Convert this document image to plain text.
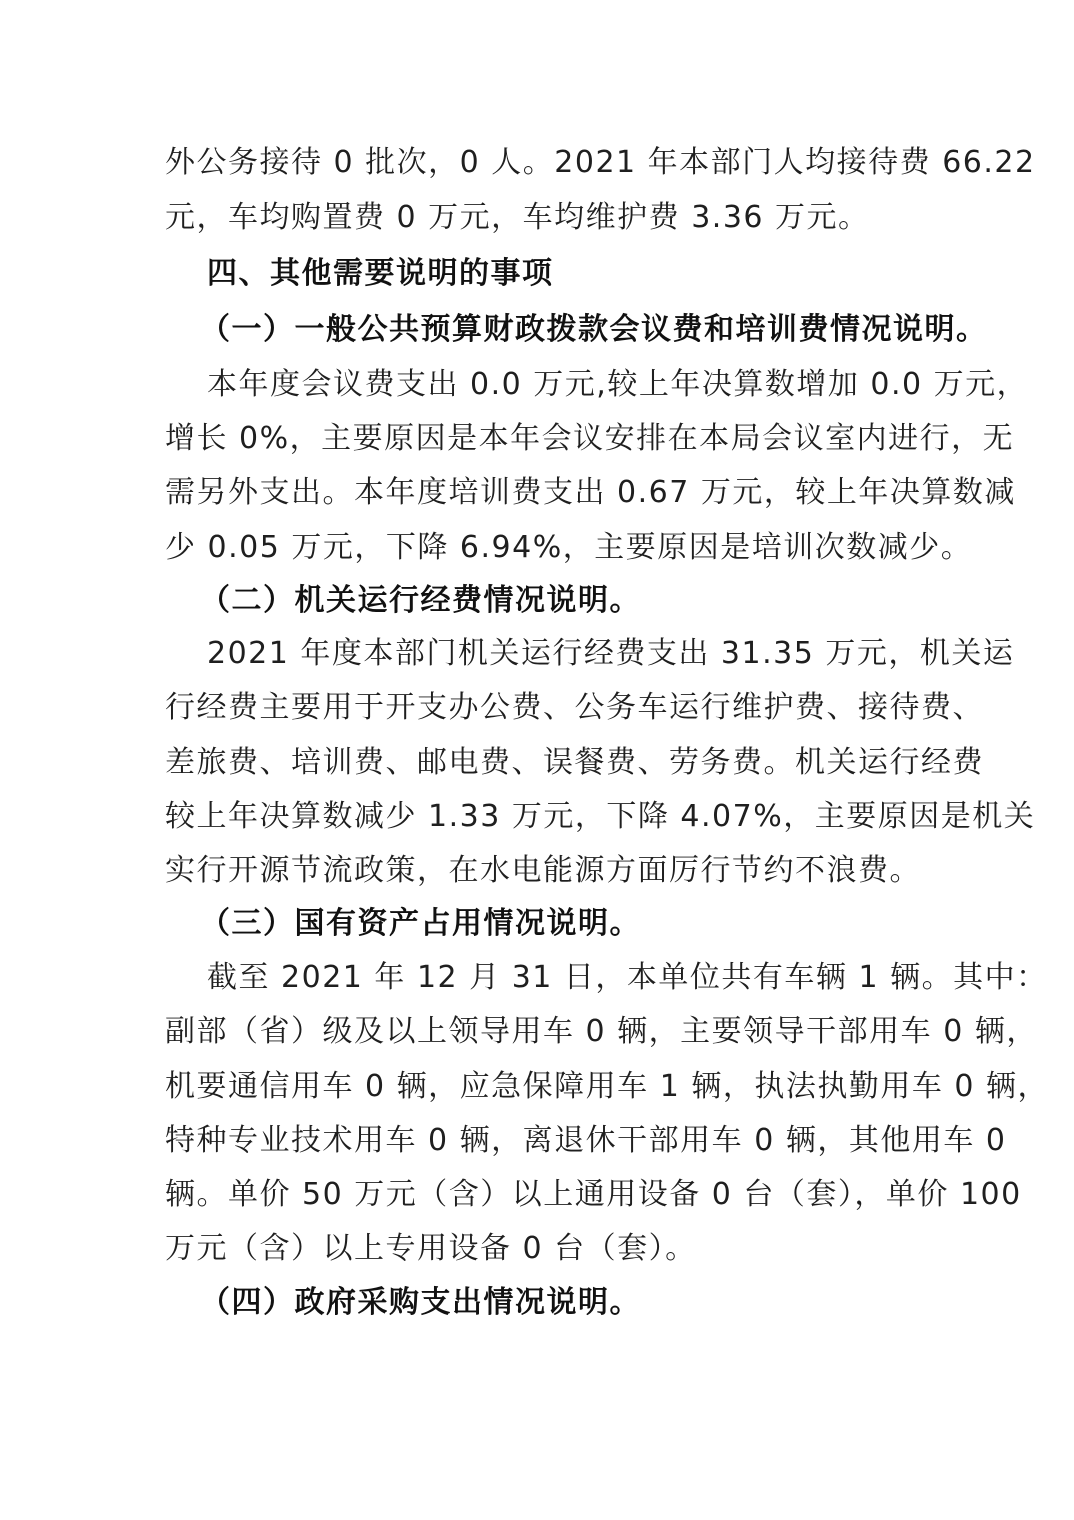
外公务接待 0 批次，0 人。2021 年本部门人均接待费 66.22
元，车均购置费 0 万元，车均维护费 3.36 万元。
四、其他需要说明的事项
（一）一般公共预算财政拨款会议费和培训费情况说明。
本年度会议费支出 0.0 万元,较上年决算数增加 0.0 万元，
增长 0%，主要原因是本年会议安排在本局会议室内进行，无
需另外支出。本年度培训费支出 0.67 万元，较上年决算数减
少 0.05 万元，下降 6.94%，主要原因是培训次数减少。
（二）机关运行经费情况说明。
2021 年度本部门机关运行经费支出 31.35 万元，机关运
行经费主要用于开支办公费、公务车运行维护费、接待费、
差旅费、培训费、邮电费、误餐费、劳务费。机关运行经费
较上年决算数减少 1.33 万元，下降 4.07%，主要原因是机关
实行开源节流政策，在水电能源方面厉行节约不浪费。
（三）国有资产占用情况说明。
截至 2021 年 12 月 31 日，本单位共有车辆 1 辆。其中：
副部（省）级及以上领导用车 0 辆，主要领导干部用车 0 辆，
机要通信用车 0 辆，应急保障用车 1 辆，执法执勤用车 0 辆，
特种专业技术用车 0 辆，离退休干部用车 0 辆，其他用车 0
辆。单价 50 万元（含）以上通用设备 0 台（套），单价 100
万元（含）以上专用设备 0 台（套）。
（四）政府采购支出情况说明。
